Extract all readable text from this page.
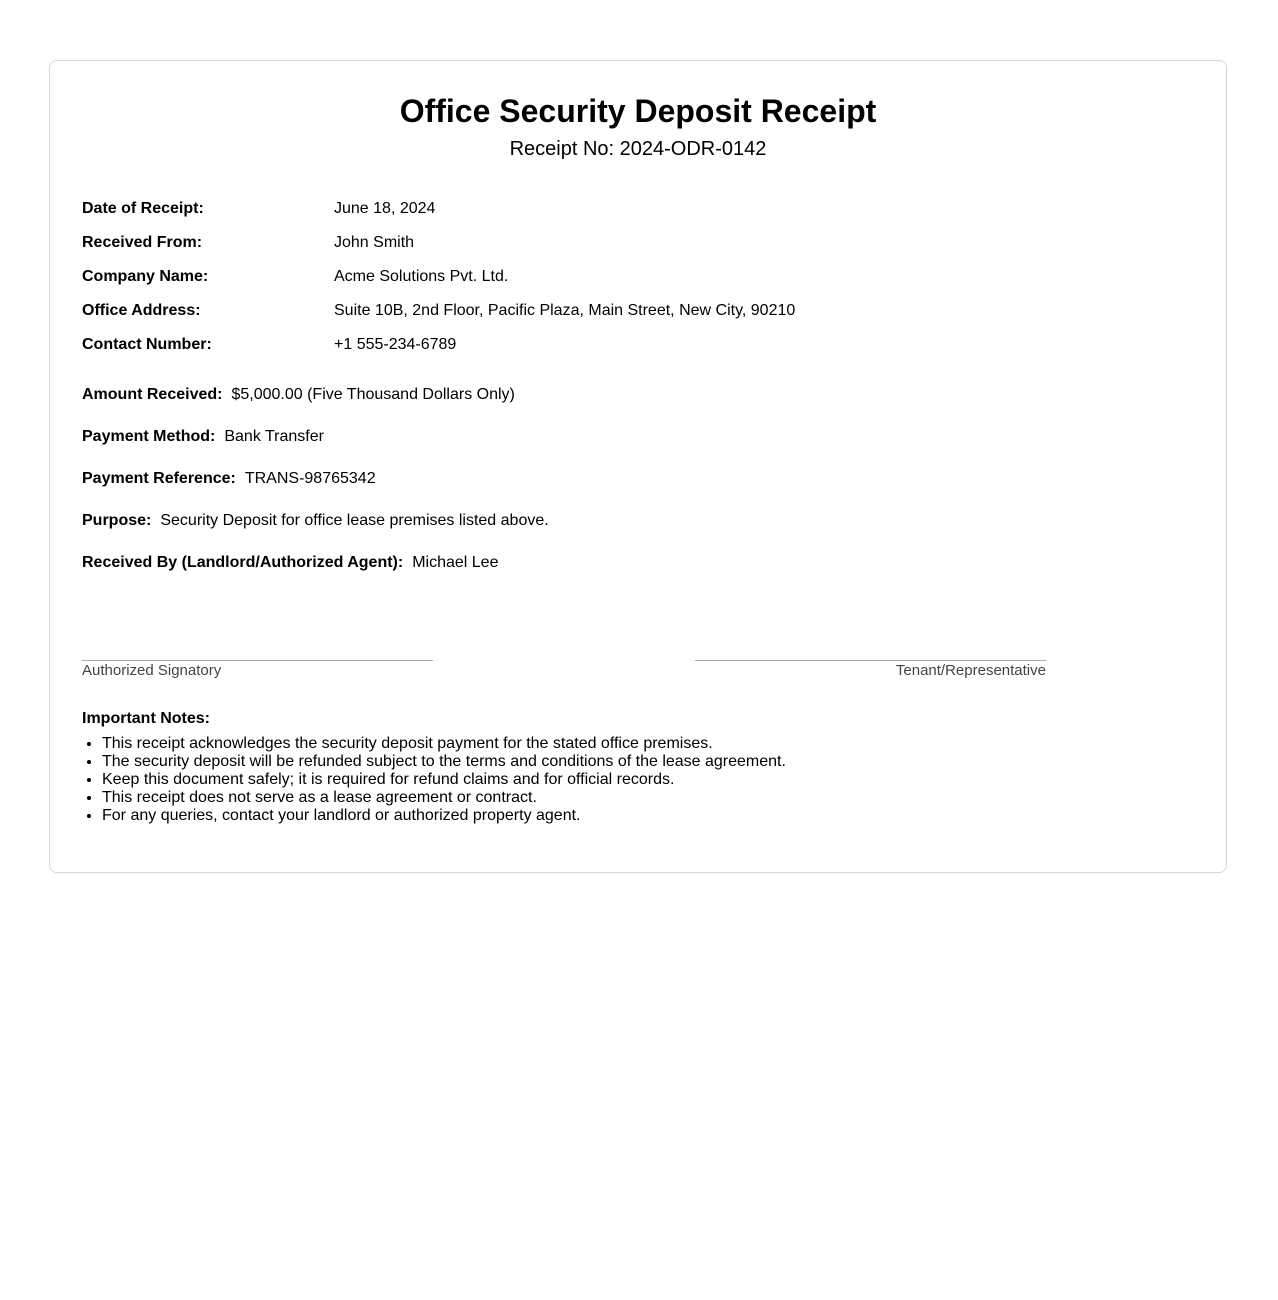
Office Security Deposit Receipt
Receipt No: 2024-ODR-0142
Date of Receipt:	June 18, 2024
Received From:	John Smith
Company Name:	Acme Solutions Pvt. Ltd.
Office Address:	Suite 10B, 2nd Floor, Pacific Plaza, Main Street, New City, 90210
Contact Number:	+1 555-234-6789
Amount Received: $5,000.00 (Five Thousand Dollars Only)
Payment Method: Bank Transfer
Payment Reference: TRANS-98765342
Purpose: Security Deposit for office lease premises listed above.
Received By (Landlord/Authorized Agent): Michael Lee
Authorized Signatory	Tenant/Representative
Important Notes:
• This receipt acknowledges the security deposit payment for the stated office premises.
• The security deposit will be refunded subject to the terms and conditions of the lease agreement.
• Keep this document safely; it is required for refund claims and for official records.
• This receipt does not serve as a lease agreement or contract.
• For any queries, contact your landlord or authorized property agent.
